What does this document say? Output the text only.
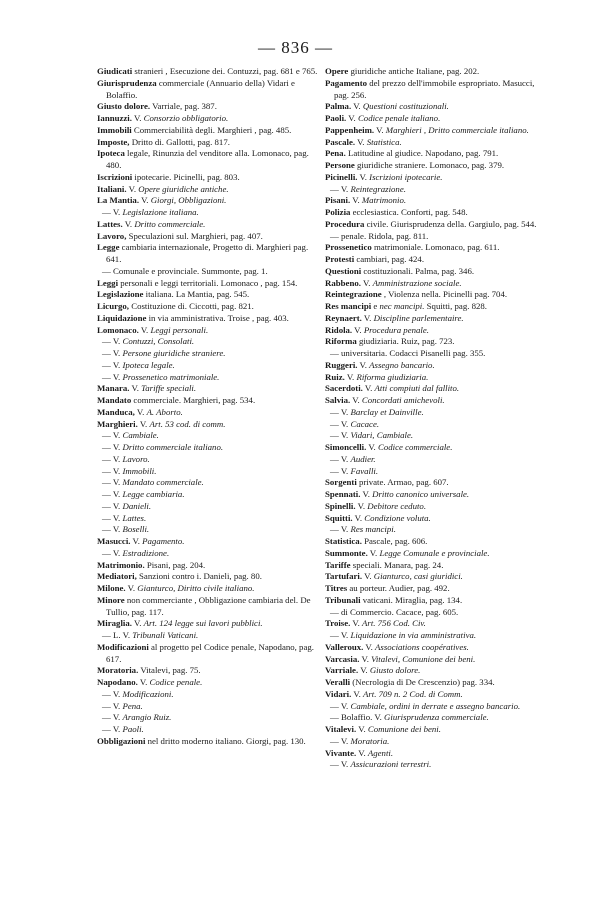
— 836 —

Giudicati stranieri , Esecuzione dei. Contuzzi, pag. 681 e 765.

Giurisprudenza commerciale (Annuario della) Vidari e Bolaffio.

Giusto dolore. Varriale, pag. 387.

Iannuzzi. V. Consorzio obbligatorio.

Immobili Commerciabilità degli. Marghieri , pag. 485.

Imposte, Dritto di. Gallotti, pag. 817.

Ipoteca legale, Rinunzia del venditore alla. Lomonaco, pag. 480.

Iscrizioni ipotecarie. Picinelli, pag. 803.

Italiani. V. Opere giuridiche antiche.

La Mantia. V. Giorgi, Obbligazioni.

— V. Legislazione italiana.

Lattes. V. Dritto commerciale.

Lavoro, Speculazioni sul. Marghieri, pag. 407.

Legge cambiaria internazionale, Progetto di. Marghieri pag. 641.

— Comunale e provinciale. Summonte, pag. 1.

Leggi personali e leggi territoriali. Lomonaco , pag. 154.

Legislazione italiana. La Mantia, pag. 545.

Licurgo, Costituzione di. Ciccotti, pag. 821.

Liquidazione in via amministrativa. Troise , pag. 403.

Lomonaco. V. Leggi personali.

— V. Contuzzi, Consolati.

— V. Persone giuridiche straniere.

— V. Ipoteca legale.

— V. Prossenetico matrimoniale.

Manara. V. Tariffe speciali.

Mandato commerciale. Marghieri, pag. 534.

Manduca, V. A. Aborto.

Marghieri. V. Art. 53 cod. di comm.

— V. Cambiale.

— V. Dritto commerciale italiano.

— V. Lavoro.

— V. Immobili.

— V. Mandato commerciale.

— V. Legge cambiaria.

— V. Danieli.

— V. Lattes.

— V. Boselli.

Masucci. V. Pagamento.

— V. Estradizione.

Matrimonio. Pisani, pag. 204.

Mediatori, Sanzioni contro i. Danieli, pag. 80.

Milone. V. Gianturco, Diritto civile italiano.

Minore non commerciante , Obbligazione cambiaria del. De Tullio, pag. 117.

Miraglia. V. Art. 124 legge sui lavori pubblici.

— L. V. Tribunali Vaticani.

Modificazioni al progetto pel Codice penale, Napodano, pag. 617.

Moratoria. Vitalevi, pag. 75.

Napodano. V. Codice penale.

— V. Modificazioni.

— V. Pena.

— V. Arangio Ruiz.

— V. Paoli.

Obbligazioni nel dritto moderno italiano. Giorgi, pag. 130.

Opere giuridiche antiche Italiane, pag. 202.

Pagamento del prezzo dell'immobile espropriato. Masucci, pag. 256.

Palma. V. Questioni costituzionali.

Paoli. V. Codice penale italiano.

Pappenheim. V. Marghieri , Dritto commerciale italiano.

Pascale. V. Statistica.

Pena. Latitudine al giudice. Napodano, pag. 791.

Persone giuridiche straniere. Lomonaco, pag. 379.

Picinelli. V. Iscrizioni ipotecarie.

— V. Reintegrazione.

Pisani. V. Matrimonio.

Polizia ecclesiastica. Conforti, pag. 548.

Procedura civile. Giurisprudenza della. Gargiulo, pag. 544.

— penale. Ridola, pag. 811.

Prossenetico matrimoniale. Lomonaco, pag. 611.

Protesti cambiari, pag. 424.

Questioni costituzionali. Palma, pag. 346.

Rabbeno. V. Amministrazione sociale.

Reintegrazione , Violenza nella. Picinelli pag. 704.

Res mancipi e nec mancipi. Squitti, pag. 828.

Reynaert. V. Discipline parlementaire.

Ridola. V. Procedura penale.

Riforma giudiziaria. Ruiz, pag. 723.

— universitaria. Codacci Pisanelli pag. 355.

Ruggeri. V. Assegno bancario.

Ruiz. V. Riforma giudiziaria.

Sacerdoti. V. Atti compiuti dal fallito.

Salvia. V. Concordati amichevoli.

— V. Barclay et Dainville.

— V. Cacace.

— V. Vidari, Cambiale.

Simoncelli. V. Codice commerciale.

— V. Audier.

— V. Favalli.

Sorgenti private. Armao, pag. 607.

Spennati. V. Dritto canonico universale.

Spinelli. V. Debitore ceduto.

Squitti. V. Condizione voluta.

— V. Res mancipi.

Statistica. Pascale, pag. 606.

Summonte. V. Legge Comunale e provinciale.

Tariffe speciali. Manara, pag. 24.

Tartufari. V. Gianturco, casi giuridici.

Titres au porteur. Audier, pag. 492.

Tribunali vaticani. Miraglia, pag. 134.

— di Commercio. Cacace, pag. 605.

Troise. V. Art. 756 Cod. Civ.

— V. Liquidazione in via amministrativa.

Valleroux. V. Associations coopératives.

Varcasia. V. Vitalevi, Comunione dei beni.

Varriale. V. Giusto dolore.

Veralli (Necrologia di De Crescenzio) pag. 334.

Vidari. V. Art. 709 n. 2 Cod. di Comm.

— V. Cambiale, ordini in derrate e assegno bancario.

— Bolaffio. V. Giurisprudenza commerciale.

Vitalevi. V. Comunione dei beni.

— V. Moratoria.

Vivante. V. Agenti.

— V. Assicurazioni terrestri.
